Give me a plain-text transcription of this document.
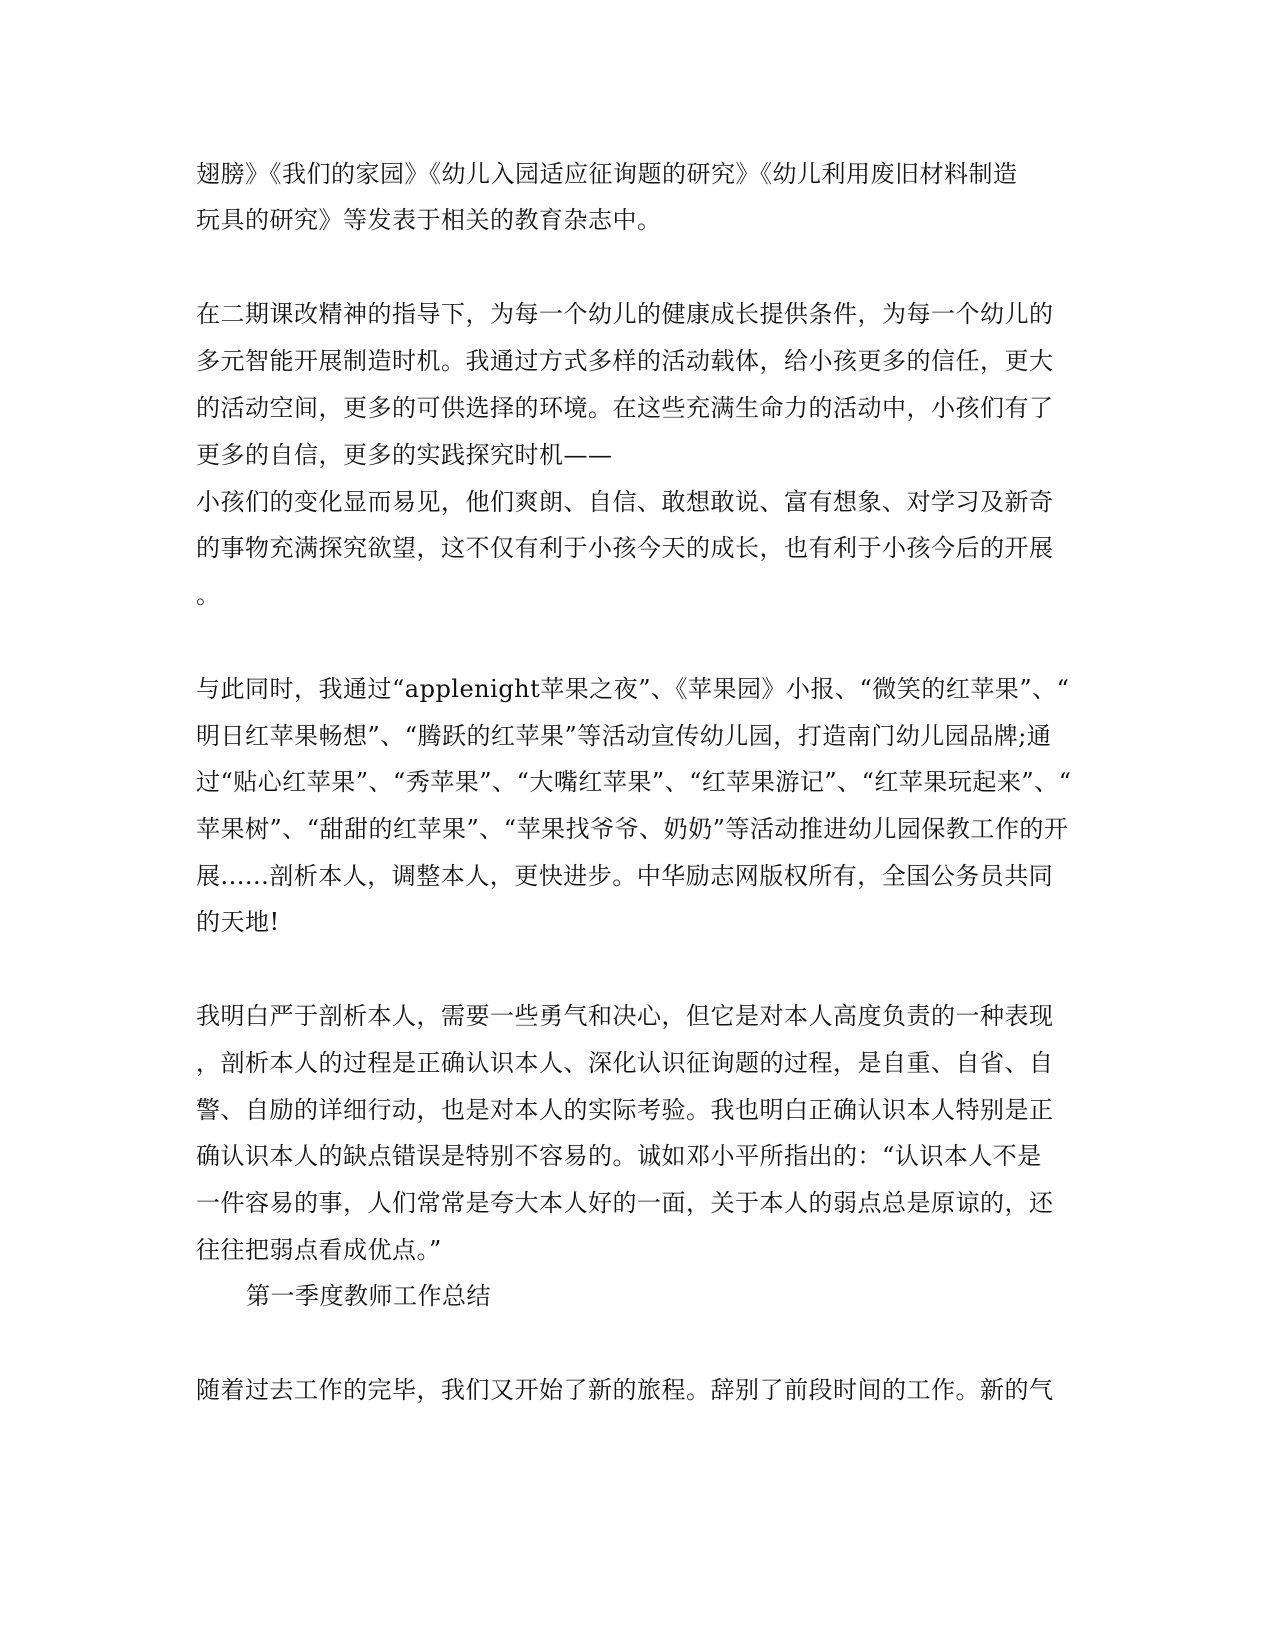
翅膀》《我们的家园》《幼儿入园适应征询题的研究》《幼儿利用废旧材料制造
玩具的研究》等发表于相关的教育杂志中。
在二期课改精神的指导下，为每一个幼儿的健康成长提供条件，为每一个幼儿的
多元智能开展制造时机。我通过方式多样的活动载体，给小孩更多的信任，更大
的活动空间，更多的可供选择的环境。在这些充满生命力的活动中，小孩们有了
更多的自信，更多的实践探究时机——
小孩们的变化显而易见，他们爽朗、自信、敢想敢说、富有想象、对学习及新奇
的事物充满探究欲望，这不仅有利于小孩今天的成长，也有利于小孩今后的开展
。
与此同时，我通过“applenight苹果之夜”、《苹果园》小报、“微笑的红苹果”、“
明日红苹果畅想”、“腾跃的红苹果”等活动宣传幼儿园，打造南门幼儿园品牌;通
过“贴心红苹果”、“秀苹果”、“大嘴红苹果”、“红苹果游记”、“红苹果玩起来”、“
苹果树”、“甜甜的红苹果”、“苹果找爷爷、奶奶”等活动推进幼儿园保教工作的开
展......剖析本人，调整本人，更快进步。中华励志网版权所有，全国公务员共同
的天地!
我明白严于剖析本人，需要一些勇气和决心，但它是对本人高度负责的一种表现
，剖析本人的过程是正确认识本人、深化认识征询题的过程，是自重、自省、自
警、自励的详细行动，也是对本人的实际考验。我也明白正确认识本人特别是正
确认识本人的缺点错误是特别不容易的。诚如邓小平所指出的：“认识本人不是
一件容易的事，人们常常是夸大本人好的一面，关于本人的弱点总是原谅的，还
往往把弱点看成优点。”
第一季度教师工作总结
随着过去工作的完毕，我们又开始了新的旅程。辞别了前段时间的工作。新的气
